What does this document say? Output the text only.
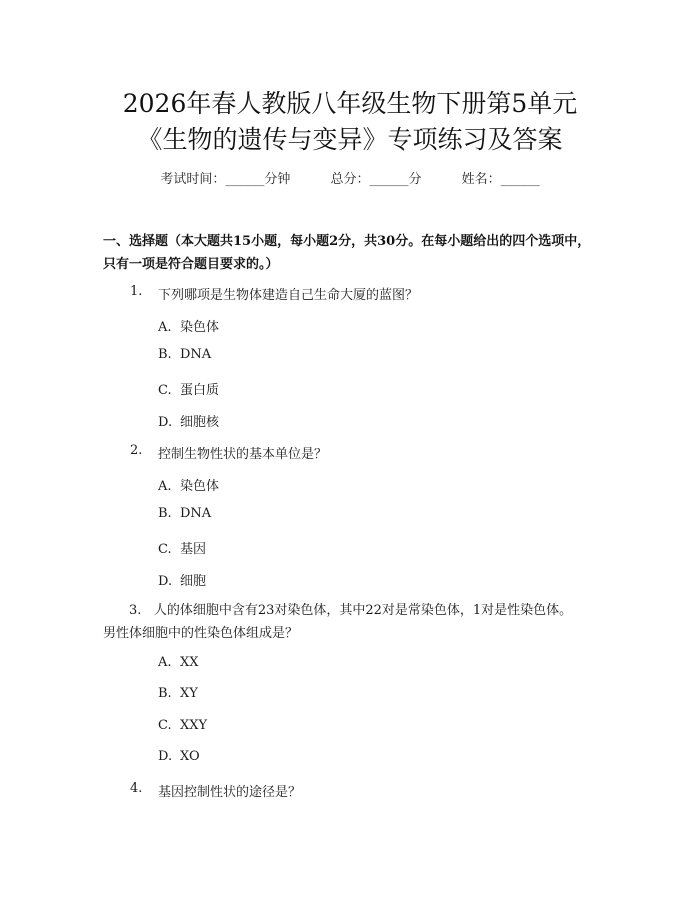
2026年春人教版八年级生物下册第5单元
《生物的遗传与变异》专项练习及答案
考试时间：______分钟	总分：______分	姓名：______
一、选择题（本大题共15小题，每小题2分，共30分。在每小题给出的四个选项中，只有一项是符合题目要求的。）
1. 下列哪项是生物体建造自己生命大厦的蓝图？
A. 染色体
B. DNA
C. 蛋白质
D. 细胞核
2. 控制生物性状的基本单位是？
A. 染色体
B. DNA
C. 基因
D. 细胞
3. 人的体细胞中含有23对染色体，其中22对是常染色体，1对是性染色体。男性体细胞中的性染色体组成是？
A. XX
B. XY
C. XXY
D. XO
4. 基因控制性状的途径是？
